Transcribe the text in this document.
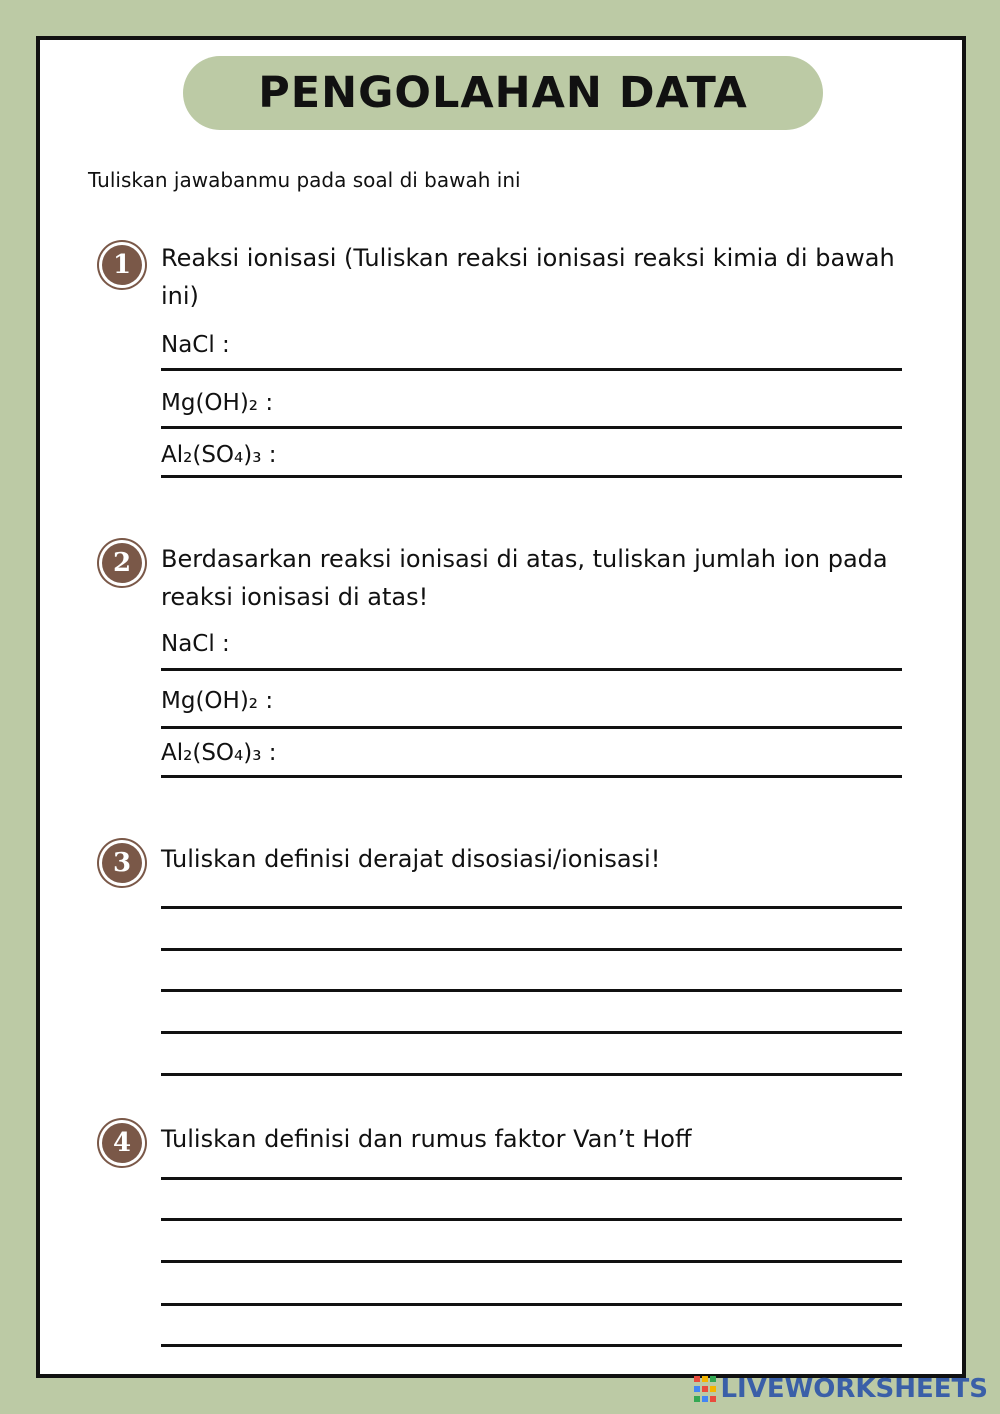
PENGOLAHAN DATA
Tuliskan jawabanmu pada soal di bawah ini
1	Reaksi ionisasi (Tuliskan reaksi ionisasi reaksi kimia di bawah ini)
NaCl :
Mg(OH)₂ :
Al₂(SO₄)₃ :
2	Berdasarkan reaksi ionisasi di atas, tuliskan jumlah ion pada reaksi ionisasi di atas!
NaCl :
Mg(OH)₂ :
Al₂(SO₄)₃ :
3	Tuliskan definisi derajat disosiasi/ionisasi!
4	Tuliskan definisi dan rumus faktor Van’t Hoff
LIVEWORKSHEETS
